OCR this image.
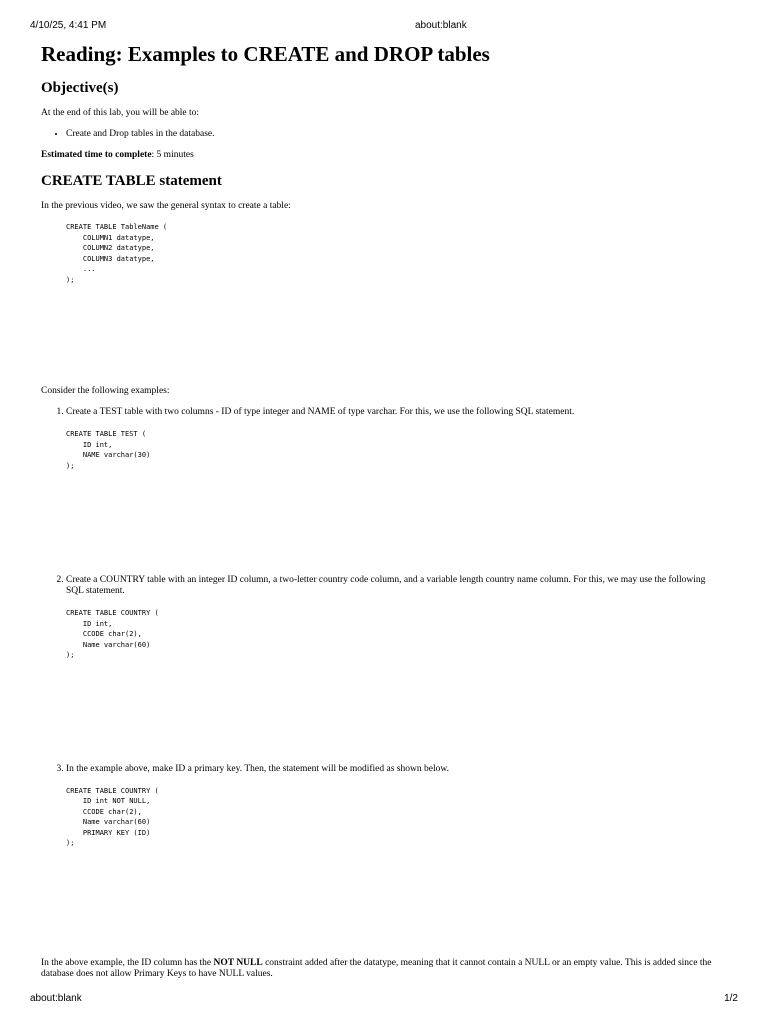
4/10/25, 4:41 PM	about:blank
Reading: Examples to CREATE and DROP tables
Objective(s)

At the end of this lab, you will be able to:

• Create and Drop tables in the database.

Estimated time to complete: 5 minutes

CREATE TABLE statement

In the previous video, we saw the general syntax to create a table:

CREATE TABLE TableName (
COLUMN1 datatype,
COLUMN2 datatype,
COLUMN3 datatype,
...
);

Consider the following examples:

1. Create a TEST table with two columns - ID of type integer and NAME of type varchar. For this, we use the following SQL statement.
CREATE TABLE TEST (
ID int,
NAME varchar(30)
);
2. Create a COUNTRY table with an integer ID column, a two-letter country code column, and a variable length country name column. For this, we may use the following SQL statement.
CREATE TABLE COUNTRY (
ID int,
CCODE char(2),
Name varchar(60)
);
3. In the example above, make ID a primary key. Then, the statement will be modified as shown below.
CREATE TABLE COUNTRY (
ID int NOT NULL,
CCODE char(2),
Name varchar(60)
PRIMARY KEY (ID)
);

In the above example, the ID column has the NOT NULL constraint added after the datatype, meaning that it cannot contain a NULL or an empty value. This is added since the database does not allow Primary Keys to have NULL values.

about:blank	1/2
